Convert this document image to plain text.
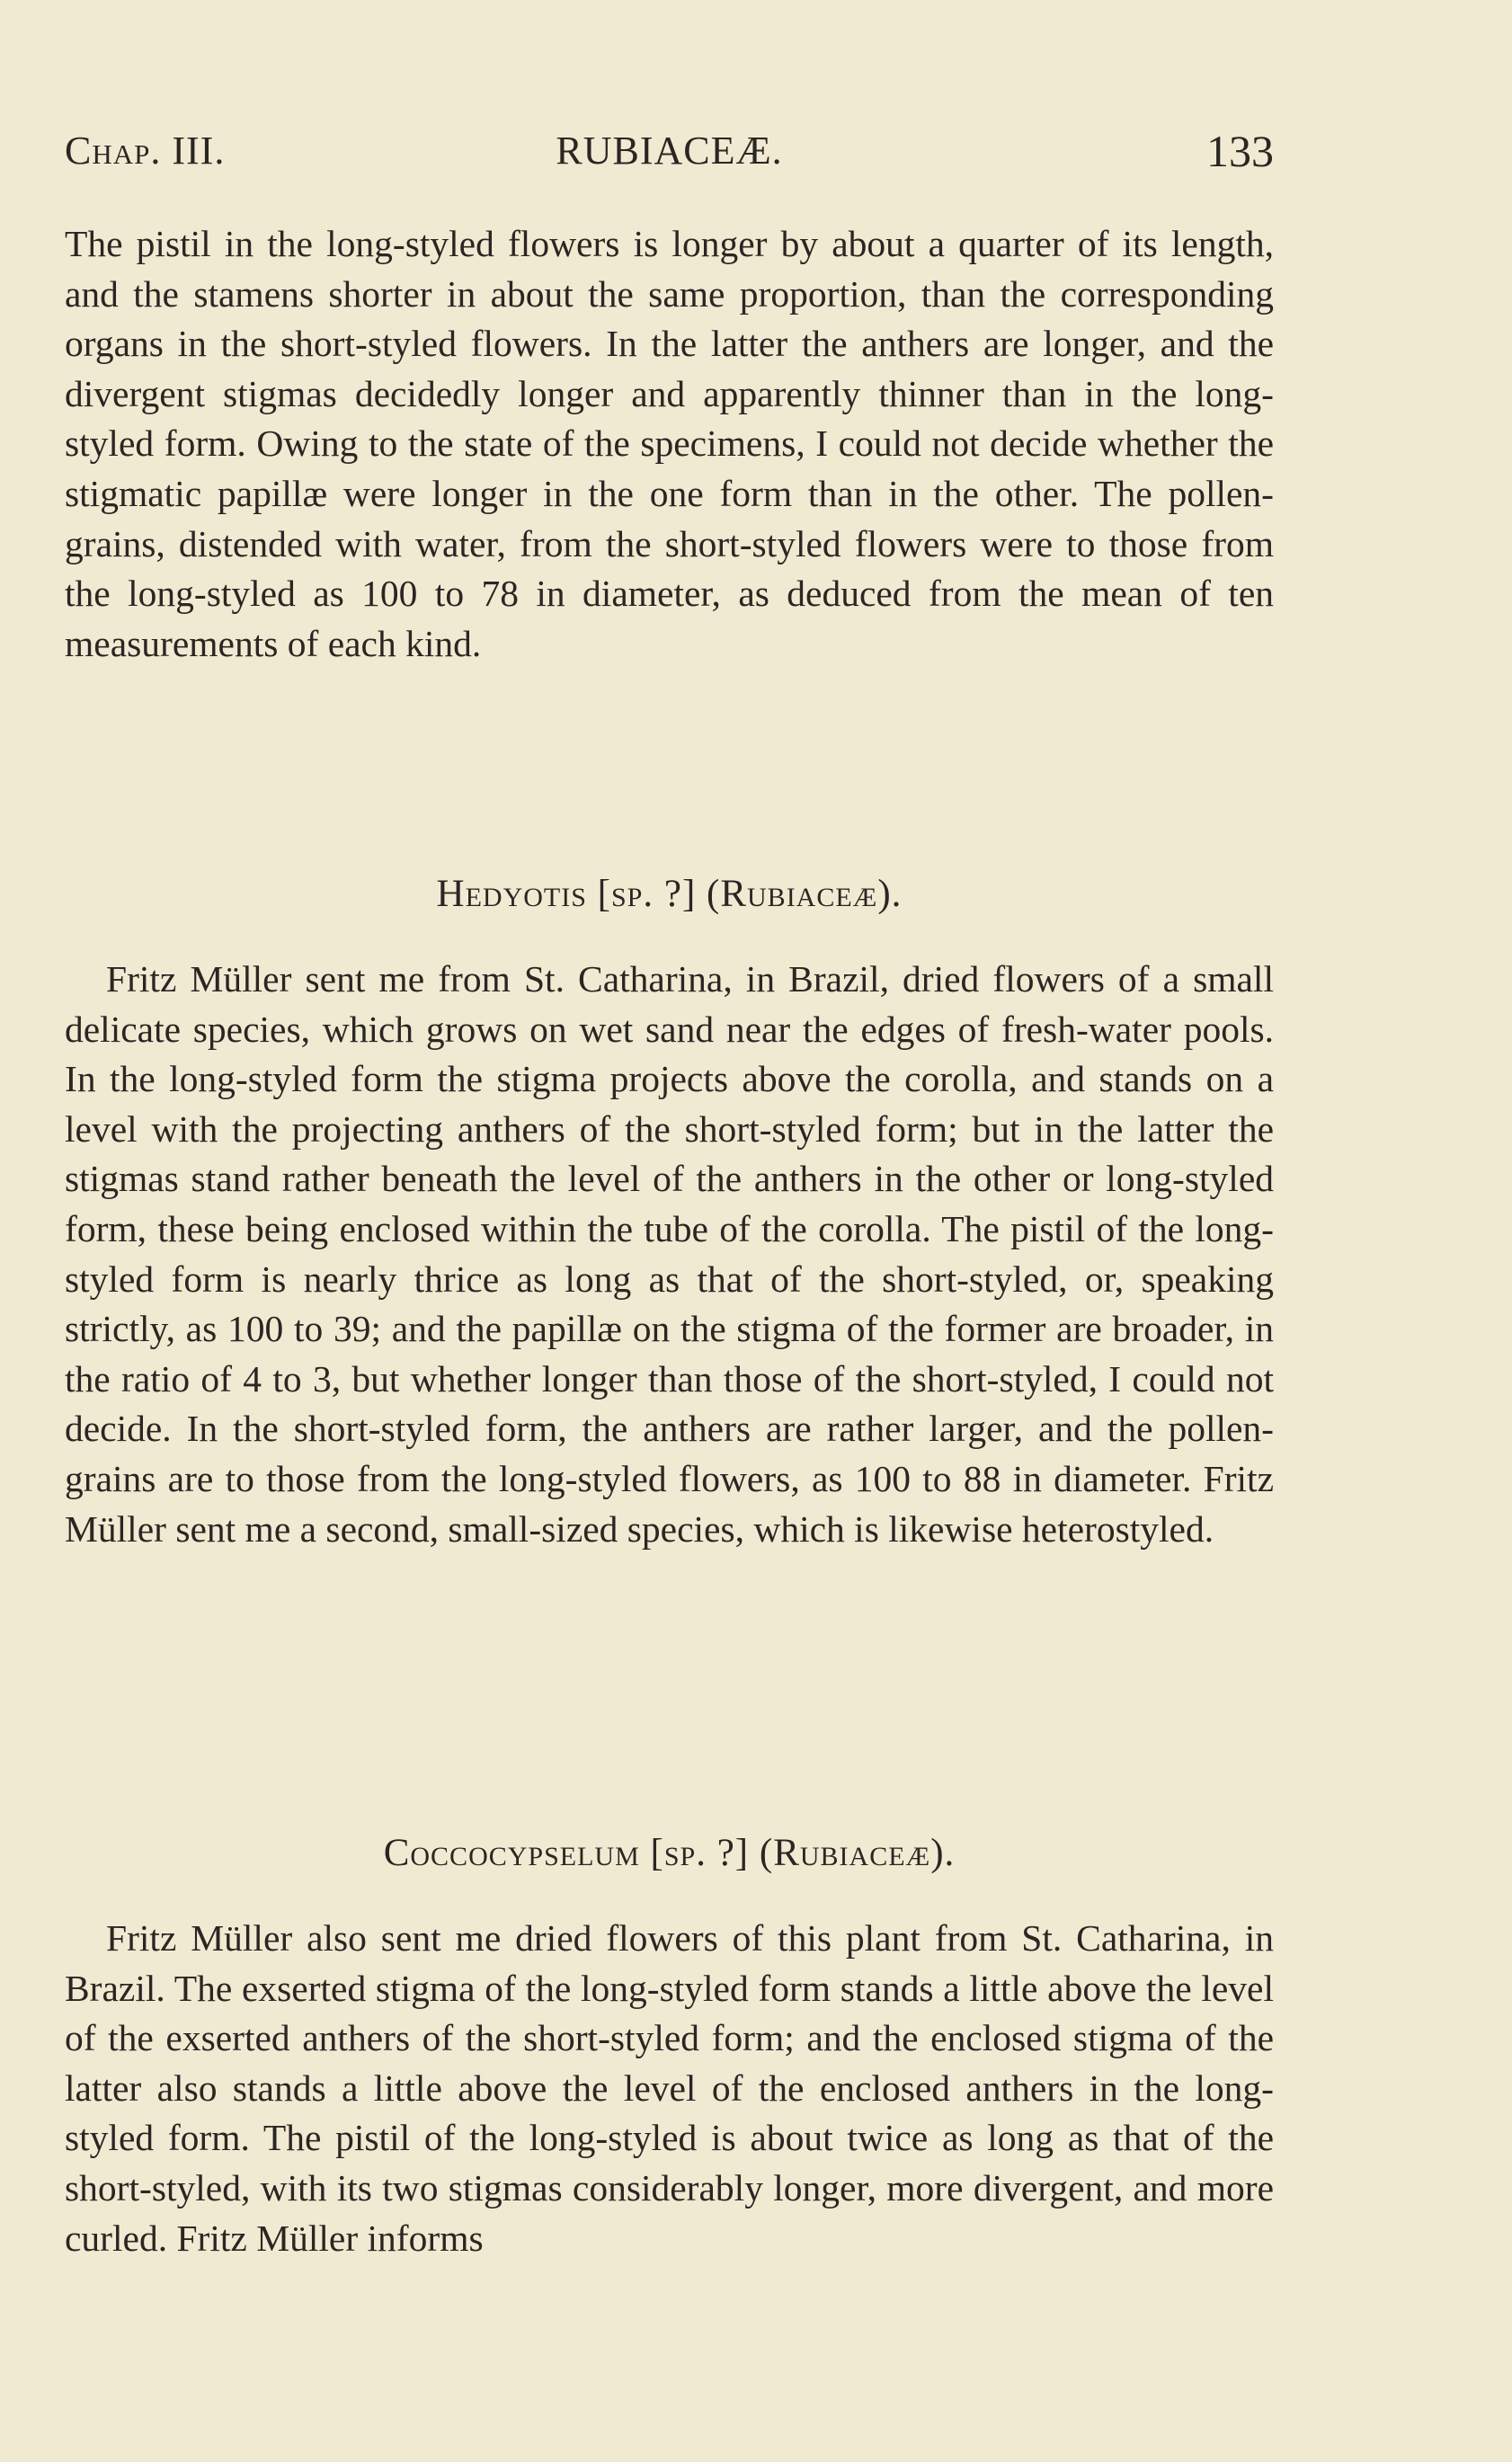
Chap. III.	RUBIACEÆ.	133

The pistil in the long-styled flowers is longer by about a quarter of its length, and the stamens shorter in about the same proportion, than the corresponding organs in the short-styled flowers. In the latter the anthers are longer, and the divergent stigmas decidedly longer and apparently thinner than in the long-styled form. Owing to the state of the specimens, I could not decide whether the stigmatic papillæ were longer in the one form than in the other. The pollen-grains, distended with water, from the short-styled flowers were to those from the long-styled as 100 to 78 in diameter, as deduced from the mean of ten measurements of each kind.

Hedyotis [sp. ?] (Rubiaceæ).

Fritz Müller sent me from St. Catharina, in Brazil, dried flowers of a small delicate species, which grows on wet sand near the edges of fresh-water pools. In the long-styled form the stigma projects above the corolla, and stands on a level with the projecting anthers of the short-styled form; but in the latter the stigmas stand rather beneath the level of the anthers in the other or long-styled form, these being enclosed within the tube of the corolla. The pistil of the long-styled form is nearly thrice as long as that of the short-styled, or, speaking strictly, as 100 to 39; and the papillæ on the stigma of the former are broader, in the ratio of 4 to 3, but whether longer than those of the short-styled, I could not decide. In the short-styled form, the anthers are rather larger, and the pollen-grains are to those from the long-styled flowers, as 100 to 88 in diameter. Fritz Müller sent me a second, small-sized species, which is likewise heterostyled.

Coccocypselum [sp. ?] (Rubiaceæ).

Fritz Müller also sent me dried flowers of this plant from St. Catharina, in Brazil. The exserted stigma of the long-styled form stands a little above the level of the exserted anthers of the short-styled form; and the enclosed stigma of the latter also stands a little above the level of the enclosed anthers in the long-styled form. The pistil of the long-styled is about twice as long as that of the short-styled, with its two stigmas considerably longer, more divergent, and more curled. Fritz Müller informs
